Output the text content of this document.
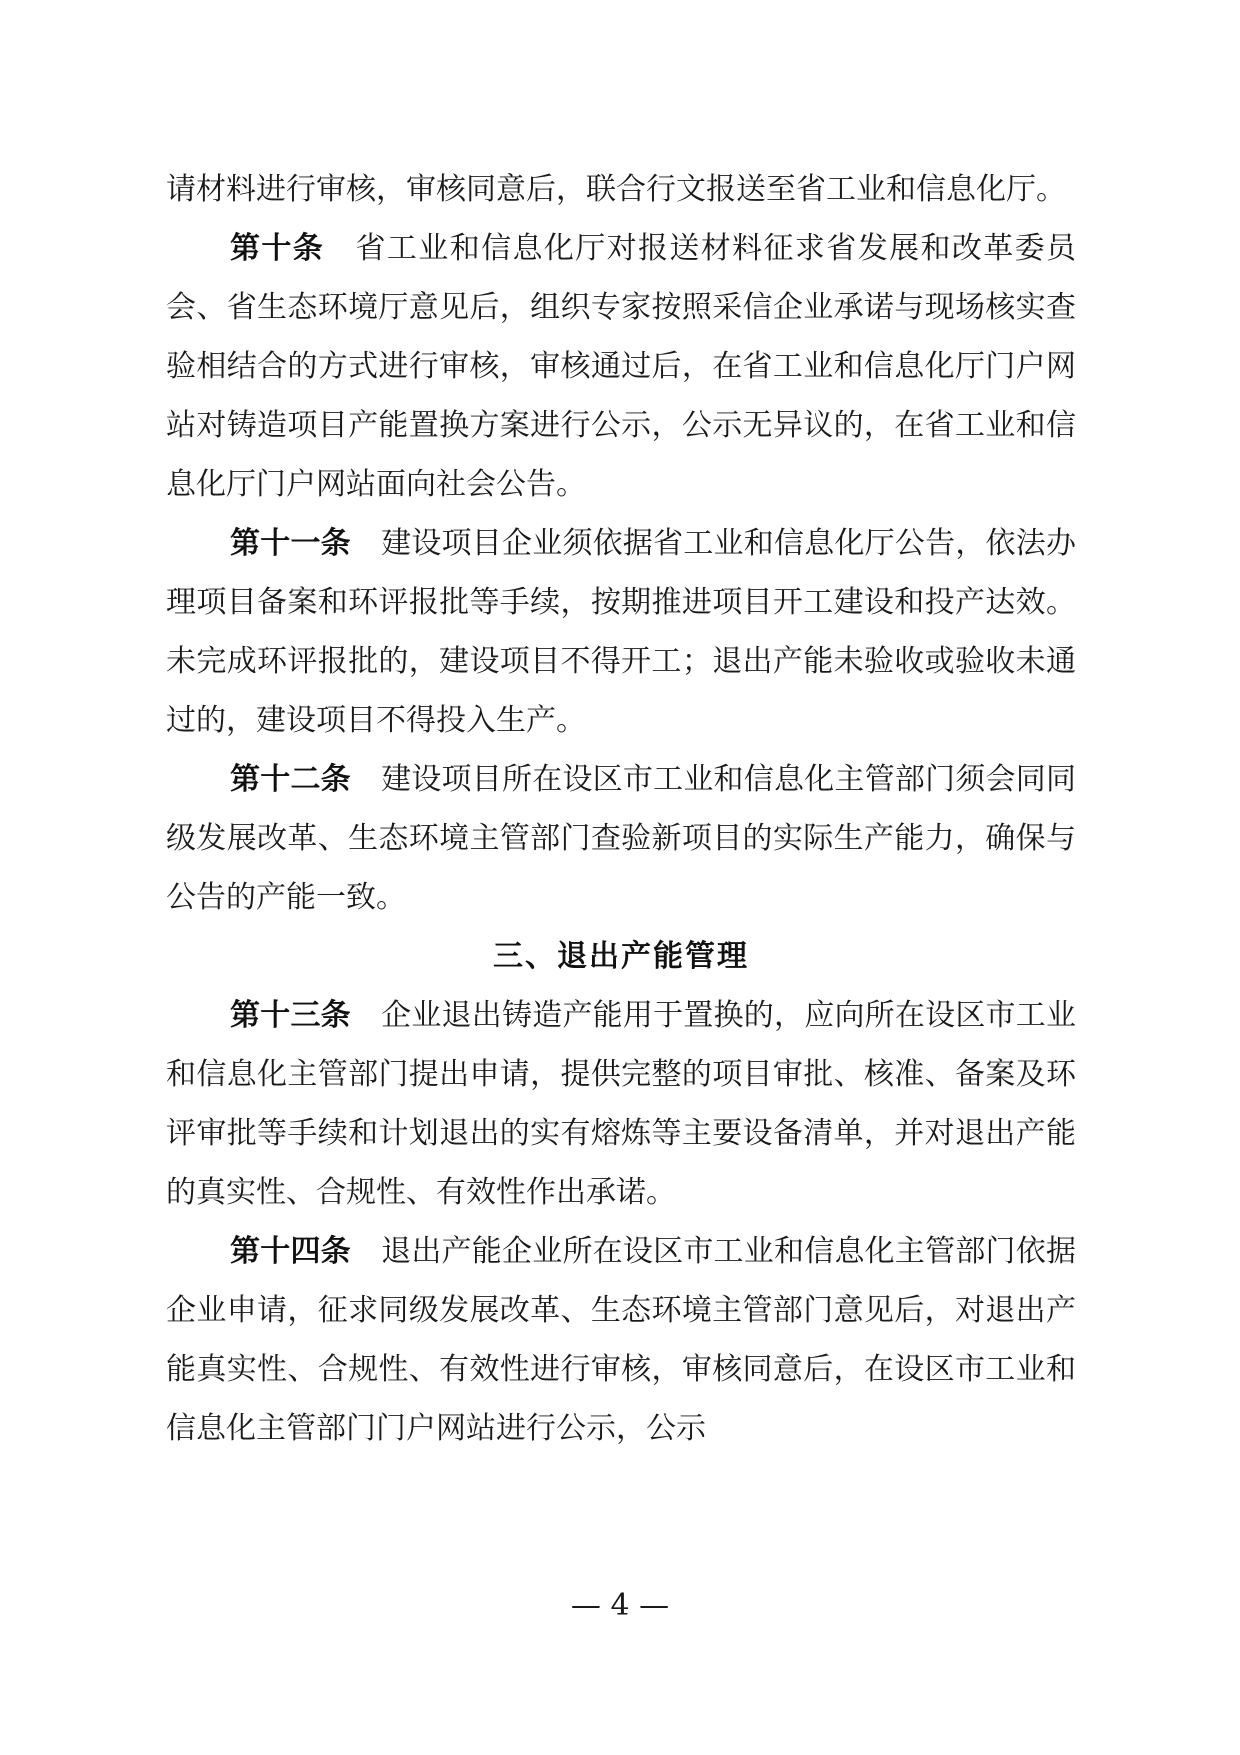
请材料进行审核，审核同意后，联合行文报送至省工业和信息化厅。

第十条 省工业和信息化厅对报送材料征求省发展和改革委员会、省生态环境厅意见后，组织专家按照采信企业承诺与现场核实查验相结合的方式进行审核，审核通过后，在省工业和信息化厅门户网站对铸造项目产能置换方案进行公示，公示无异议的，在省工业和信息化厅门户网站面向社会公告。

第十一条 建设项目企业须依据省工业和信息化厅公告，依法办理项目备案和环评报批等手续，按期推进项目开工建设和投产达效。未完成环评报批的，建设项目不得开工；退出产能未验收或验收未通过的，建设项目不得投入生产。

第十二条 建设项目所在设区市工业和信息化主管部门须会同同级发展改革、生态环境主管部门查验新项目的实际生产能力，确保与公告的产能一致。

三、退出产能管理

第十三条 企业退出铸造产能用于置换的，应向所在设区市工业和信息化主管部门提出申请，提供完整的项目审批、核准、备案及环评审批等手续和计划退出的实有熔炼等主要设备清单，并对退出产能的真实性、合规性、有效性作出承诺。

第十四条 退出产能企业所在设区市工业和信息化主管部门依据企业申请，征求同级发展改革、生态环境主管部门意见后，对退出产能真实性、合规性、有效性进行审核，审核同意后，在设区市工业和信息化主管部门门户网站进行公示，公示

— 4 —
